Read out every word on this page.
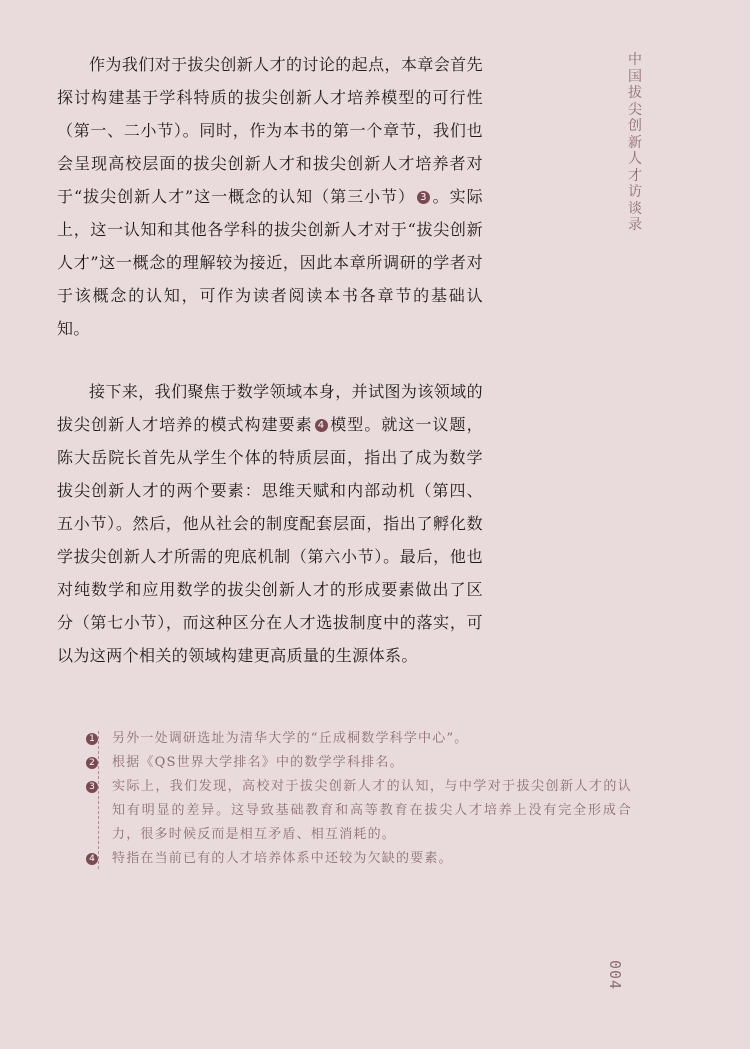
作为我们对于拔尖创新人才的讨论的起点，本章会首先探讨构建基于学科特质的拔尖创新人才培养模型的可行性（第一、二小节）。同时，作为本书的第一个章节，我们也会呈现高校层面的拔尖创新人才和拔尖创新人才培养者对于“拔尖创新人才”这一概念的认知（第三小节） 3 。实际上，这一认知和其他各学科的拔尖创新人才对于“拔尖创新人才”这一概念的理解较为接近，因此本章所调研的学者对于该概念的认知，可作为读者阅读本书各章节的基础认知。

接下来，我们聚焦于数学领域本身，并试图为该领域的拔尖创新人才培养的模式构建要素 4 模型。就这一议题，陈大岳院长首先从学生个体的特质层面，指出了成为数学拔尖创新人才的两个要素：思维天赋和内部动机（第四、五小节）。然后，他从社会的制度配套层面，指出了孵化数学拔尖创新人才所需的兜底机制（第六小节）。最后，他也对纯数学和应用数学的拔尖创新人才的形成要素做出了区分（第七小节），而这种区分在人才选拔制度中的落实，可以为这两个相关的领域构建更高质量的生源体系。

中国拔尖创新人才访谈录
1 另外一处调研选址为清华大学的“丘成桐数学科学中心”。
2 根据《QS世界大学排名》中的数学学科排名。
3 实际上，我们发现，高校对于拔尖创新人才的认知，与中学对于拔尖创新人才的认知有明显的差异。这导致基础教育和高等教育在拔尖人才培养上没有完全形成合力，很多时候反而是相互矛盾、相互消耗的。
4 特指在当前已有的人才培养体系中还较为欠缺的要素。
004
